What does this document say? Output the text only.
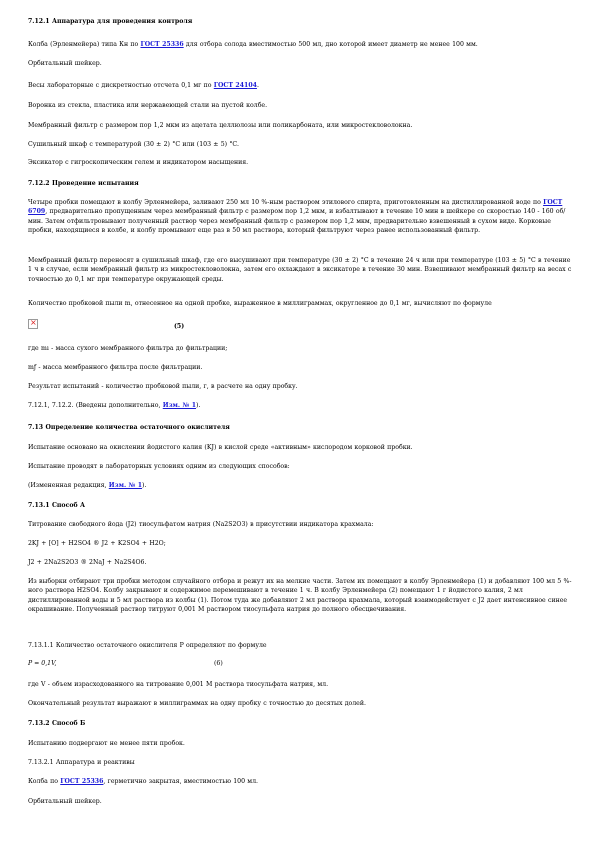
7.12.1 Аппаратура для проведения контроля

Колба (Эрленмейера) типа Кн по ГОСТ 25336 для отбора солода вместимостью 500 мл, дно которой имеет диаметр не менее 100 мм.

Орбитальный шейкер.

Весы лабораторные с дискретностью отсчета 0,1 мг по ГОСТ 24104.

Воронка из стекла, пластика или нержавеющей стали на пустой колбе.

Мембранный фильтр с размером пор 1,2 мкм из ацетата целлюлозы или поликарбоната, или микростекловолокна.

Сушильный шкаф с температурой (30 ± 2) °C или (103 ± 5) °C.

Эксикатор с гигроскопическим гелем и индикатором насыщения.

7.12.2 Проведение испытания

Четыре пробки помещают в колбу Эрленмейера, заливают 250 мл 10 %-ным раствором этилового спирта, приготовленным на дистиллированной воде по ГОСТ 6709, предварительно пропущенным через мембранный фильтр с размером пор 1,2 мкм, и взбалтывают в течение 10 мин в шейкере со скоростью 140 - 160 об/мин. Затем отфильтровывают полученный раствор через мембранный фильтр с размером пор 1,2 мкм, предварительно взвешенный в сухом виде. Корковые пробки, находящиеся в колбе, и колбу промывают еще раз в 50 мл раствора, который фильтруют через ранее использованный фильтр.

Мембранный фильтр переносят в сушильный шкаф, где его высушивают при температуре (30 ± 2) °C в течение 24 ч или при температуре (103 ± 5) °C в течение 1 ч в случае, если мембранный фильтр из микростекловолокна, затем его охлаждают в эксикаторе в течение 30 мин. Взвешивают мембранный фильтр на весах с точностью до 0,1 мг при температуре окружающей среды.

Количество пробковой пыли m, отнесенное на одной пробке, выраженное в миллиграммах, округленное до 0,1 мг, вычисляют по формуле

×
(5)

где mı - масса сухого мембранного фильтра до фильтрации;

mƒ - масса мембранного фильтра после фильтрации.

Результат испытаний - количество пробковой пыли, г, в расчете на одну пробку.

7.12.1, 7.12.2. (Введены дополнительно, Изм. № 1).

7.13 Определение количества остаточного окислителя

Испытание основано на окислении йодистого калия (KJ) в кислой среде «активным» кислородом корковой пробки.

Испытание проводят в лабораторных условиях одним из следующих способов:

(Измененная редакция, Изм. № 1).

7.13.1 Способ А

Титрование свободного йода (J2) тиосульфатом натрия (Na2S2O3) в присутствии индикатора крахмала:

2KJ + [O] + H2SO4 ® J2 + K2SO4 + H2O;

J2 + 2Na2S2O3 ® 2NaJ + Na2S4O6.

Из выборки отбирают три пробки методом случайного отбора и режут их на мелкие части. Затем их помещают в колбу Эрленмейера (1) и добавляют 100 мл 5 %-ного раствора H2SO4. Колбу закрывают и содержимое перемешивают в течение 1 ч. В колбу Эрленмейера (2) помещают 1 г йодистого калия, 2 мл дистиллированной воды и 5 мл раствора из колбы (1). Потом туда же добавляют 2 мл раствора крахмала, который взаимодействует с J2 дает интенсивное синее окрашивание. Полученный раствор титруют 0,001 М раствором тиосульфата натрия до полного обесцвечивания.

7.13.1.1 Количество остаточного окислителя P определяют по формуле

P = 0,1V,	(6)

где V - объем израсходованного на титрование 0,001 М раствора тиосульфата натрия, мл.

Окончательный результат выражают в миллиграммах на одну пробку с точностью до десятых долей.

7.13.2 Способ Б

Испытанию подвергают не менее пяти пробок.

7.13.2.1 Аппаратура и реактивы

Колба по ГОСТ 25336, герметично закрытая, вместимостью 100 мл.

Орбитальный шейкер.
